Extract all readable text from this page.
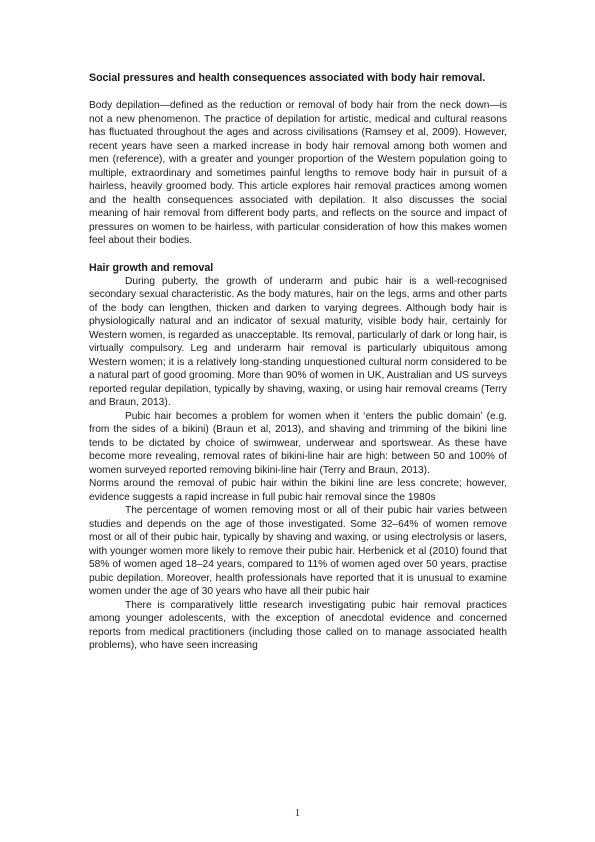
Social pressures and health consequences associated with body hair removal.

Body depilation—defined as the reduction or removal of body hair from the neck down—is not a new phenomenon. The practice of depilation for artistic, medical and cultural reasons has fluctuated throughout the ages and across civilisations (Ramsey et al, 2009). However, recent years have seen a marked increase in body hair removal among both women and men (reference), with a greater and younger proportion of the Western population going to multiple, extraordinary and sometimes painful lengths to remove body hair in pursuit of a hairless, heavily groomed body. This article explores hair removal practices among women and the health consequences associated with depilation. It also discusses the social meaning of hair removal from different body parts, and reflects on the source and impact of pressures on women to be hairless, with particular consideration of how this makes women feel about their bodies.

Hair growth and removal

During puberty, the growth of underarm and pubic hair is a well-recognised secondary sexual characteristic. As the body matures, hair on the legs, arms and other parts of the body can lengthen, thicken and darken to varying degrees. Although body hair is physiologically natural and an indicator of sexual maturity, visible body hair, certainly for Western women, is regarded as unacceptable. Its removal, particularly of dark or long hair, is virtually compulsory. Leg and underarm hair removal is particularly ubiquitous among Western women; it is a relatively long-standing unquestioned cultural norm considered to be a natural part of good grooming. More than 90% of women in UK, Australian and US surveys reported regular depilation, typically by shaving, waxing, or using hair removal creams (Terry and Braun, 2013).

Pubic hair becomes a problem for women when it ‘enters the public domain’ (e.g. from the sides of a bikini) (Braun et al, 2013), and shaving and trimming of the bikini line tends to be dictated by choice of swimwear, underwear and sportswear. As these have become more revealing, removal rates of bikini-line hair are high: between 50 and 100% of women surveyed reported removing bikini-line hair (Terry and Braun, 2013).

Norms around the removal of pubic hair within the bikini line are less concrete; however, evidence suggests a rapid increase in full pubic hair removal since the 1980s

The percentage of women removing most or all of their pubic hair varies between studies and depends on the age of those investigated. Some 32–64% of women remove most or all of their pubic hair, typically by shaving and waxing, or using electrolysis or lasers, with younger women more likely to remove their pubic hair. Herbenick et al (2010) found that 58% of women aged 18–24 years, compared to 11% of women aged over 50 years, practise pubic depilation. Moreover, health professionals have reported that it is unusual to examine women under the age of 30 years who have all their pubic hair

There is comparatively little research investigating pubic hair removal practices among younger adolescents, with the exception of anecdotal evidence and concerned reports from medical practitioners (including those called on to manage associated health problems), who have seen increasing

1
